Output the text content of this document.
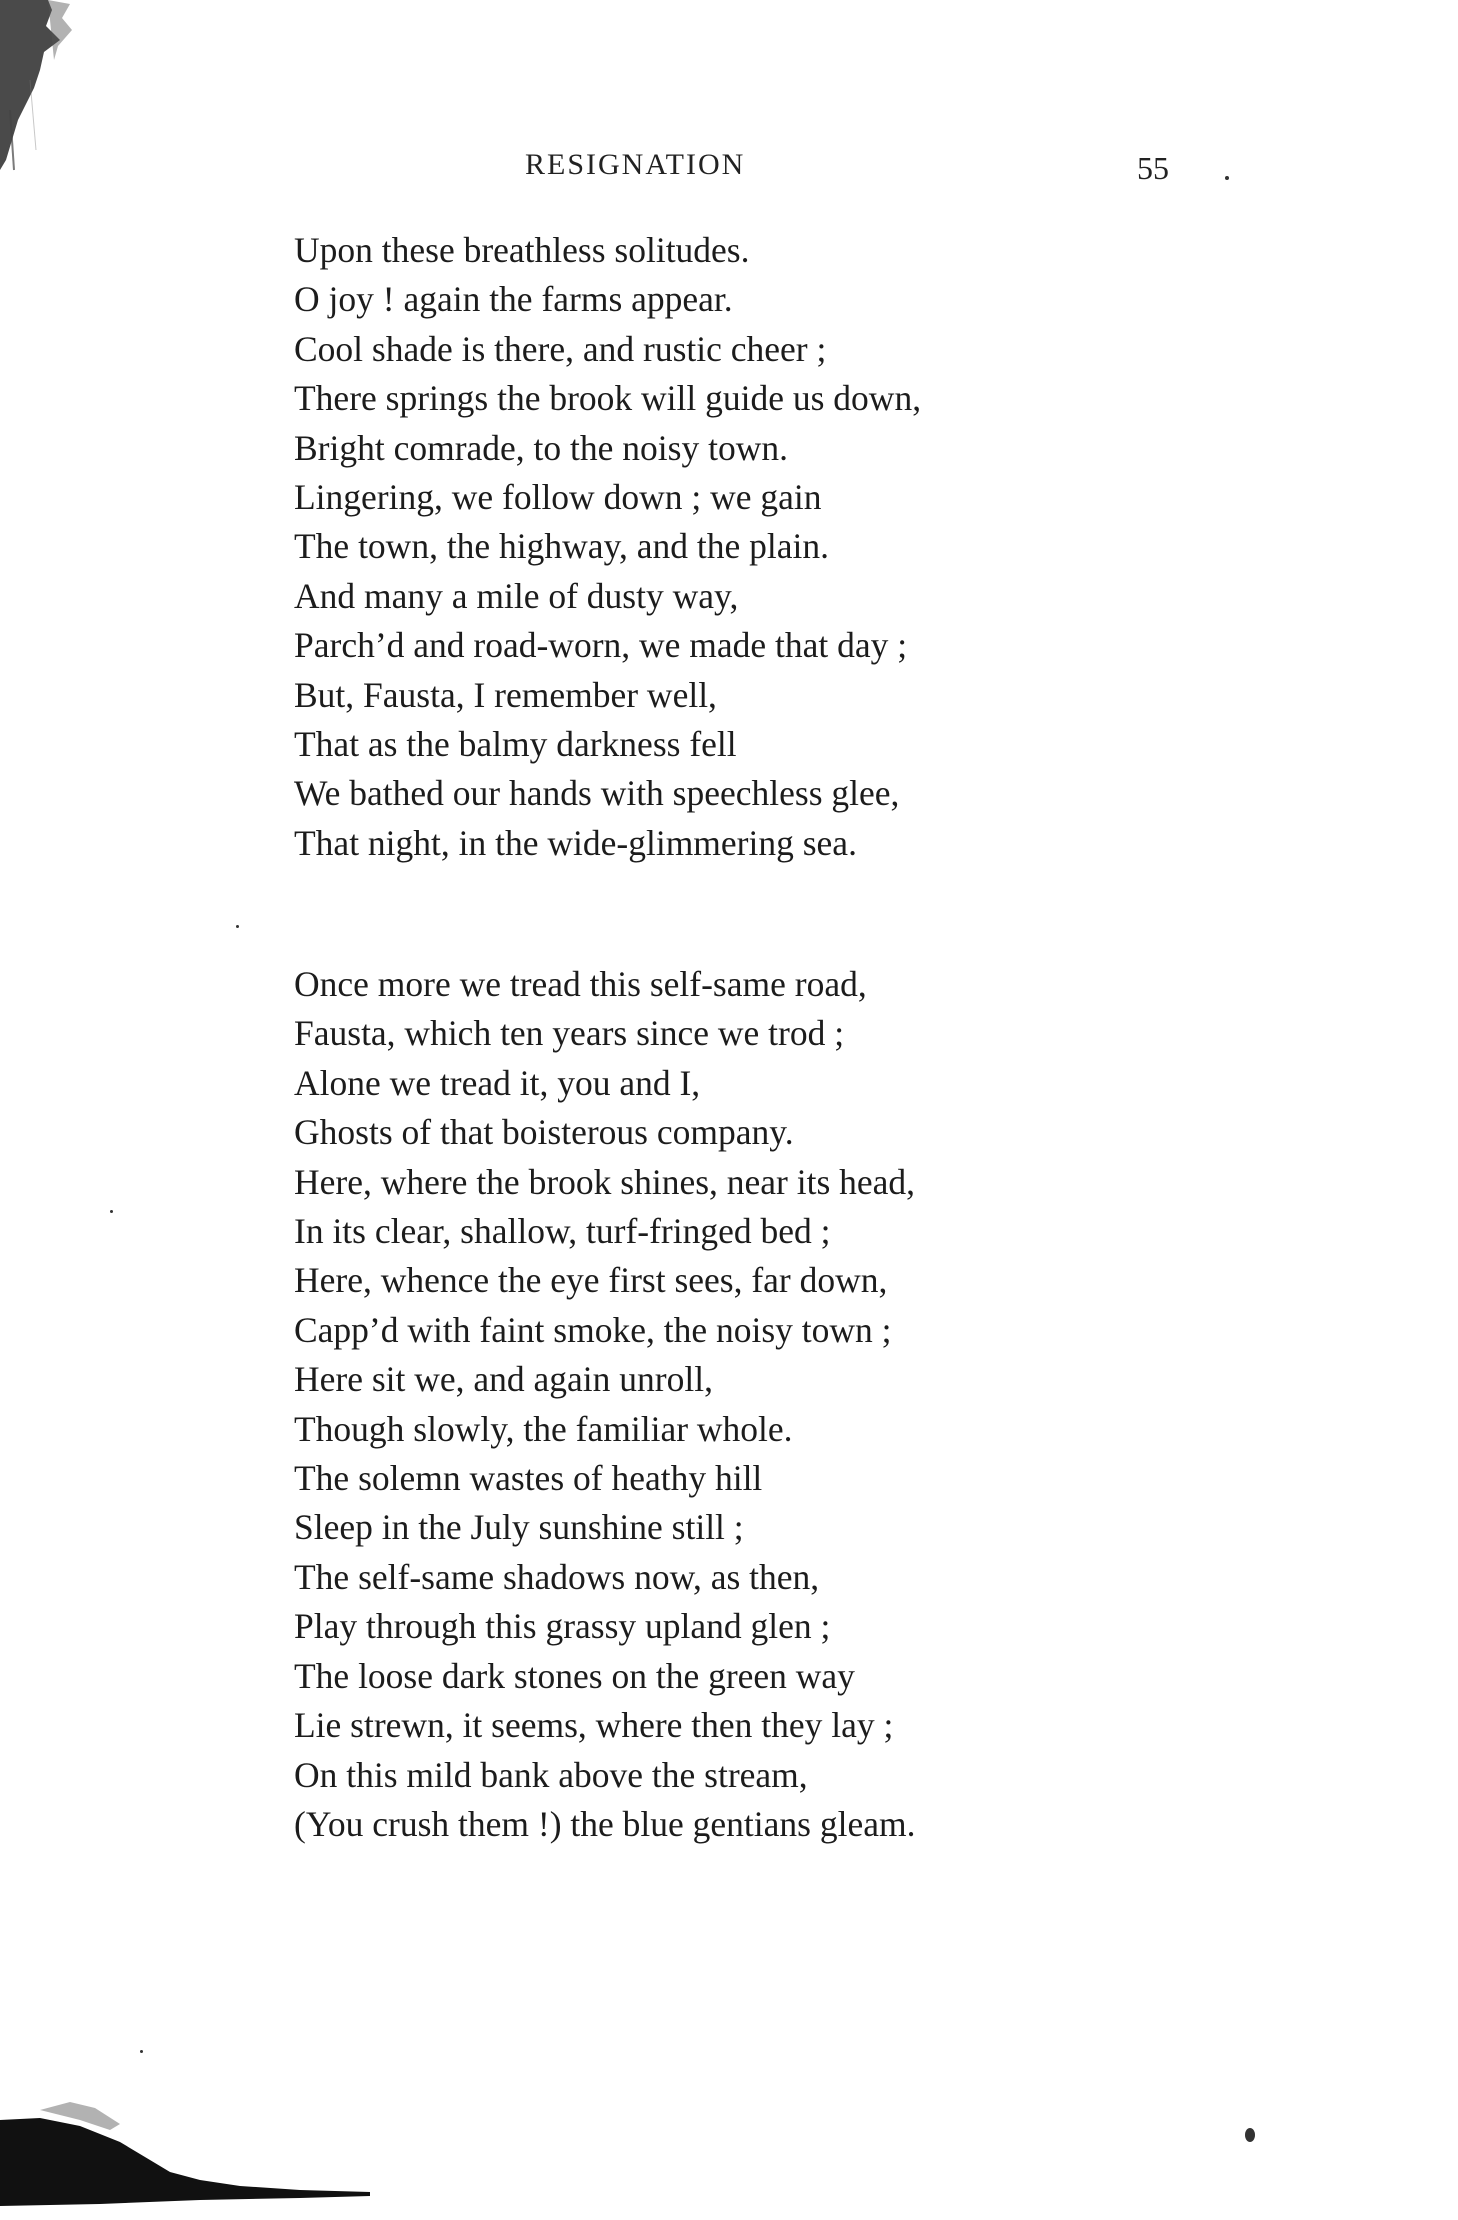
RESIGNATION	55
Upon these breathless solitudes.
O joy ! again the farms appear.
Cool shade is there, and rustic cheer ;
There springs the brook will guide us down,
Bright comrade, to the noisy town.
Lingering, we follow down ; we gain
The town, the highway, and the plain.
And many a mile of dusty way,
Parch’d and road-worn, we made that day ;
But, Fausta, I remember well,
That as the balmy darkness fell
We bathed our hands with speechless glee,
That night, in the wide-glimmering sea.
Once more we tread this self-same road,
Fausta, which ten years since we trod ;
Alone we tread it, you and I,
Ghosts of that boisterous company.
Here, where the brook shines, near its head,
In its clear, shallow, turf-fringed bed ;
Here, whence the eye first sees, far down,
Capp’d with faint smoke, the noisy town ;
Here sit we, and again unroll,
Though slowly, the familiar whole.
The solemn wastes of heathy hill
Sleep in the July sunshine still ;
The self-same shadows now, as then,
Play through this grassy upland glen ;
The loose dark stones on the green way
Lie strewn, it seems, where then they lay ;
On this mild bank above the stream,
(You crush them !) the blue gentians gleam.
